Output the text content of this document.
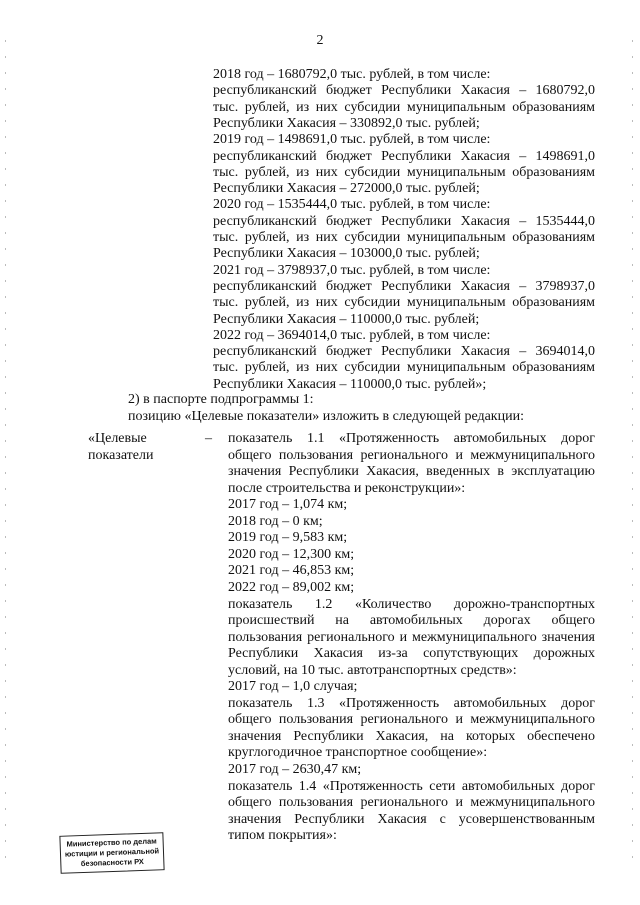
2
2018 год – 1680792,0 тыс. рублей, в том числе:
республиканский бюджет Республики Хакасия – 1680792,0
тыс. рублей, из них субсидии муниципальным образованиям
Республики Хакасия – 330892,0 тыс. рублей;
2019 год – 1498691,0 тыс. рублей, в том числе:
республиканский бюджет Республики Хакасия – 1498691,0
тыс. рублей, из них субсидии муниципальным образованиям
Республики Хакасия – 272000,0 тыс. рублей;
2020 год – 1535444,0 тыс. рублей, в том числе:
республиканский бюджет Республики Хакасия – 1535444,0
тыс. рублей, из них субсидии муниципальным образованиям
Республики Хакасия – 103000,0 тыс. рублей;
2021 год – 3798937,0 тыс. рублей, в том числе:
республиканский бюджет Республики Хакасия – 3798937,0
тыс. рублей, из них субсидии муниципальным образованиям
Республики Хакасия – 110000,0 тыс. рублей;
2022 год – 3694014,0 тыс. рублей, в том числе:
республиканский бюджет Республики Хакасия – 3694014,0
тыс. рублей, из них субсидии муниципальным образованиям
Республики Хакасия – 110000,0 тыс. рублей»;
2) в паспорте подпрограммы 1:
позицию «Целевые показатели» изложить в следующей редакции:
«Целевые
показатели
– показатель 1.1 «Протяженность автомобильных дорог
общего пользования регионального и межмуниципального
значения Республики Хакасия, введенных в эксплуатацию
после строительства и реконструкции»:
2017 год – 1,074 км;
2018 год – 0 км;
2019 год – 9,583 км;
2020 год – 12,300 км;
2021 год – 46,853 км;
2022 год – 89,002 км;
показатель 1.2 «Количество дорожно-транспортных
происшествий на автомобильных дорогах общего
пользования регионального и межмуниципального значения
Республики Хакасия из-за сопутствующих дорожных
условий, на 10 тыс. автотранспортных средств»:
2017 год – 1,0 случая;
показатель 1.3 «Протяженность автомобильных дорог
общего пользования регионального и межмуниципального
значения Республики Хакасия, на которых обеспечено
круглогодичное транспортное сообщение»:
2017 год – 2630,47 км;
показатель 1.4 «Протяженность сети автомобильных дорог
общего пользования регионального и межмуниципального
значения Республики Хакасия с усовершенствованным
типом покрытия»:
Министерство по делам
юстиции и региональной
безопасности РХ
